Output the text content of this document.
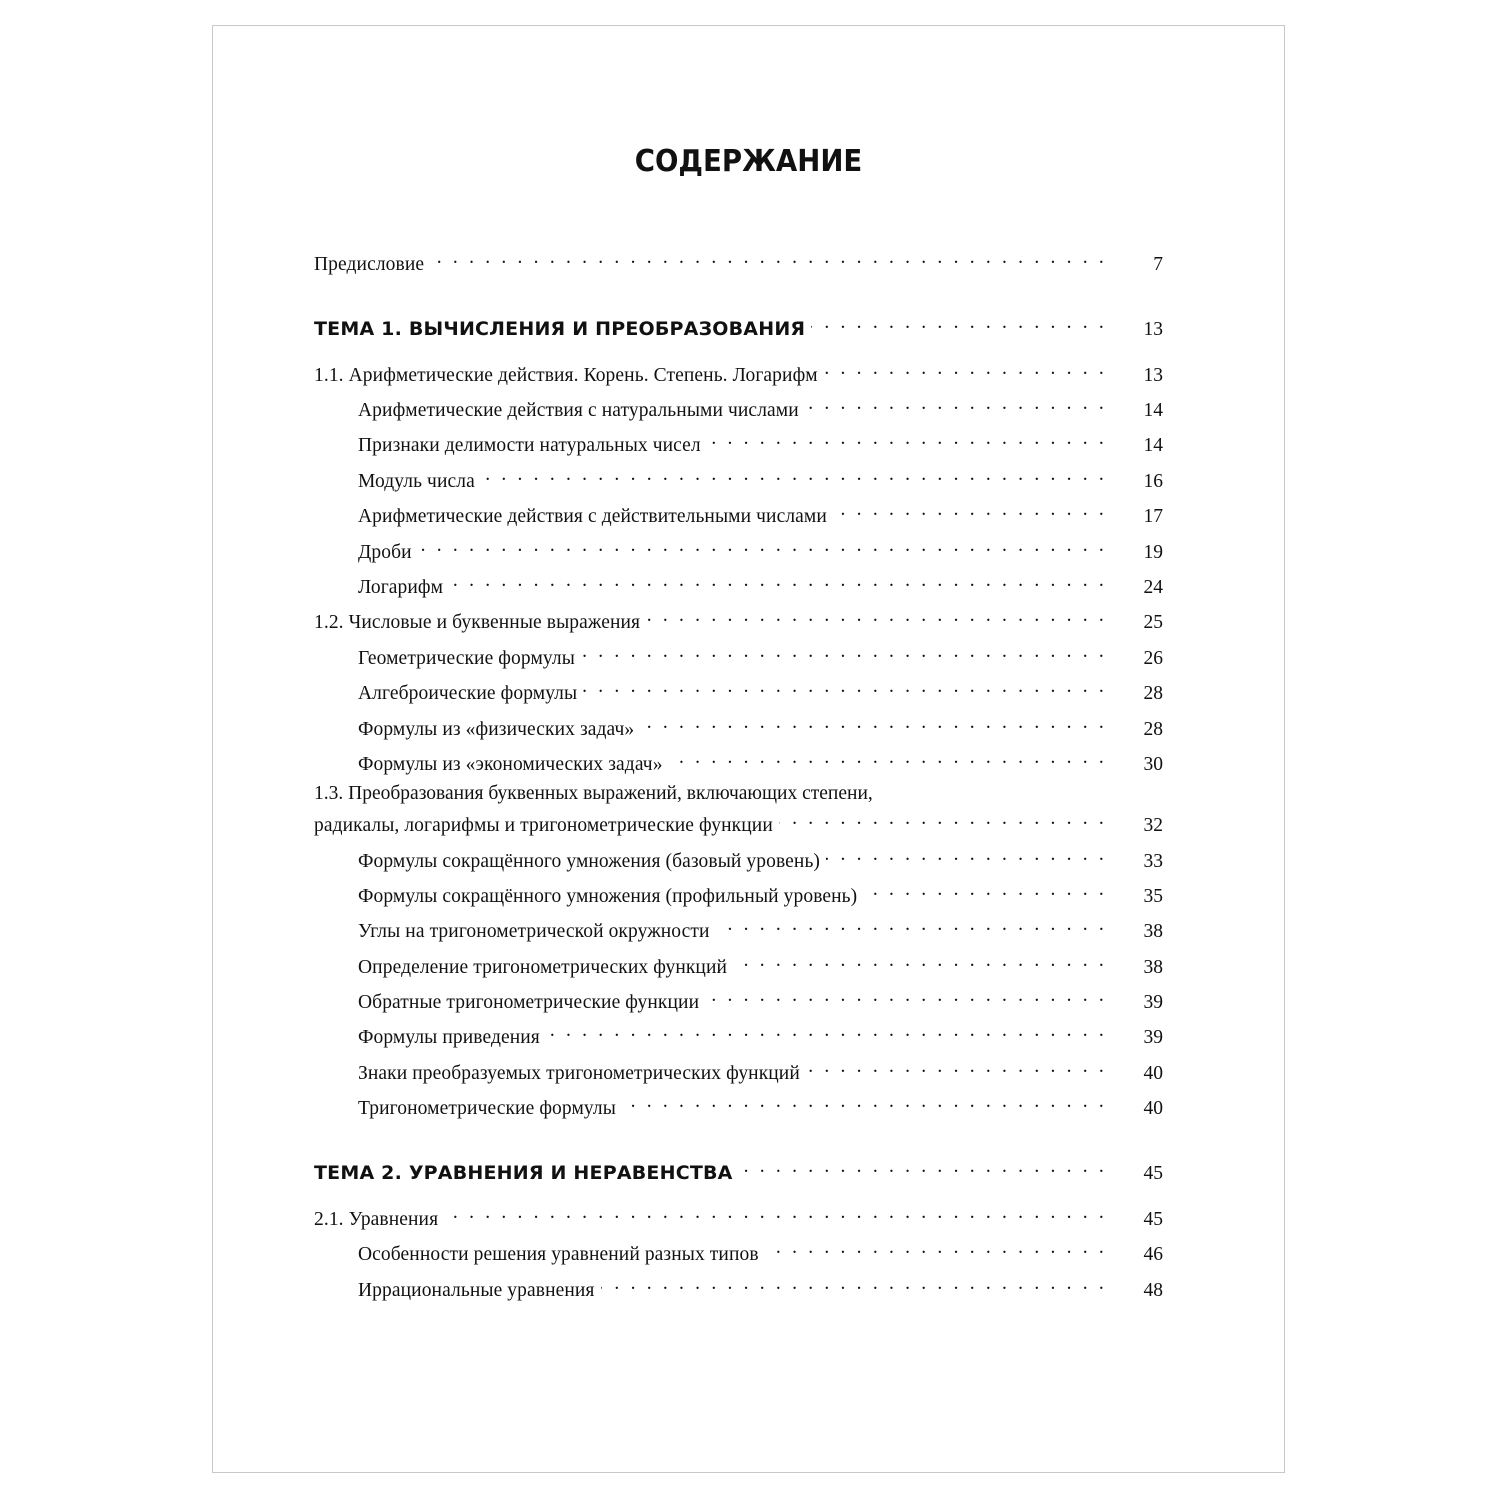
СОДЕРЖАНИЕ
Предисловие . . .	7
ТЕМА 1. ВЫЧИСЛЕНИЯ И ПРЕОБРАЗОВАНИЯ . . .	13
1.1. Арифметические действия. Корень. Степень. Логарифм . . .	13
Арифметические действия с натуральными числами . . .	14
Признаки делимости натуральных чисел . . .	14
Модуль числа . . .	16
Арифметические действия с действительными числами . . .	17
Дроби . . .	19
Логарифм . . .	24
1.2. Числовые и буквенные выражения . . .	25
Геометрические формулы . . .	26
Алгеброические формулы . . .	28
Формулы из «физических задач» . . .	28
Формулы из «экономических задач» . . .	30
1.3. Преобразования буквенных выражений, включающих степени,
радикалы, логарифмы и тригонометрические функции . . .	32
Формулы сокращённого умножения (базовый уровень) . . .	33
Формулы сокращённого умножения (профильный уровень) . . .	35
Углы на тригонометрической окружности . . .	38
Определение тригонометрических функций . . .	38
Обратные тригонометрические функции . . .	39
Формулы приведения . . .	39
Знаки преобразуемых тригонометрических функций . . .	40
Тригонометрические формулы . . .	40
ТЕМА 2. УРАВНЕНИЯ И НЕРАВЕНСТВА . . .	45
2.1. Уравнения . . .	45
Особенности решения уравнений разных типов . . .	46
Иррациональные уравнения . . .	48
